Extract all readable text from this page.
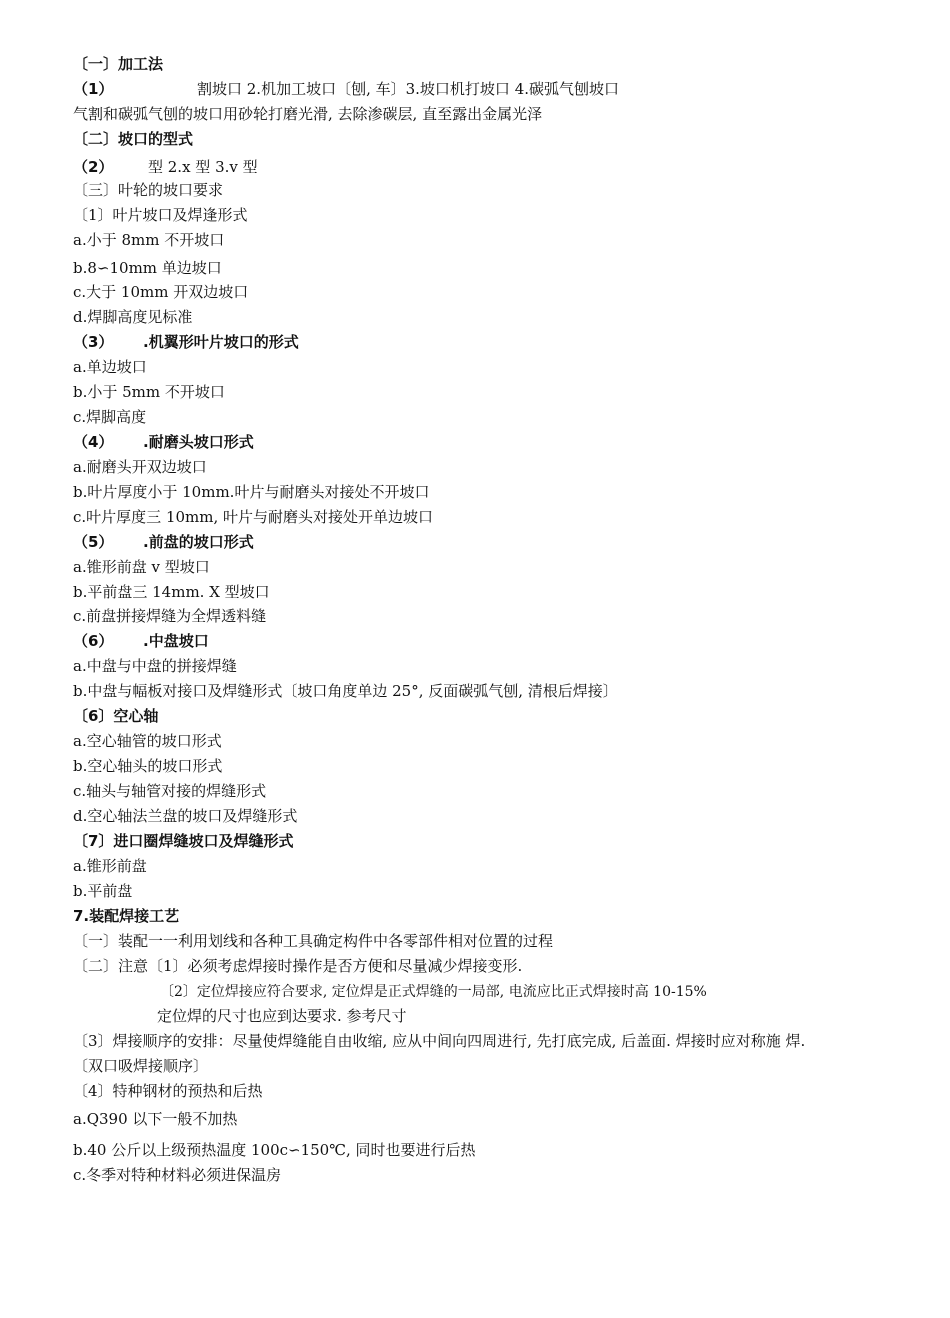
〔一〕加工法
（1）	割坡口 2.机加工坡口〔刨, 车〕3.坡口机打坡口 4.碳弧气刨坡口
气割和碳弧气刨的坡口用砂轮打磨光滑, 去除渗碳层, 直至露出金属光泽
〔二〕坡口的型式
（2） 型 2.x 型 3.v 型
〔三〕叶轮的坡口要求
〔1〕叶片坡口及焊逢形式
a.小于 8mm 不开坡口
b.8∽10mm 单边坡口
c.大于 10mm 开双边坡口
d.焊脚高度见标准
（3） .机翼形叶片坡口的形式
a.单边坡口
b.小于 5mm 不开坡口
c.焊脚高度
（4） .耐磨头坡口形式
a.耐磨头开双边坡口
b.叶片厚度小于 10mm.叶片与耐磨头对接处不开坡口
c.叶片厚度三 10mm, 叶片与耐磨头对接处开单边坡口
（5） .前盘的坡口形式
a.锥形前盘 v 型坡口
b.平前盘三 14mm. X 型坡口
c.前盘拼接焊缝为全焊透料缝
（6） .中盘坡口
a.中盘与中盘的拼接焊缝
b.中盘与幅板对接口及焊缝形式〔坡口角度单边 25°, 反面碳弧气刨, 清根后焊接〕
〔6〕空心轴
a.空心轴管的坡口形式
b.空心轴头的坡口形式
c.轴头与轴管对接的焊缝形式
d.空心轴法兰盘的坡口及焊缝形式
〔7〕进口圈焊缝坡口及焊缝形式
a.锥形前盘
b.平前盘
7.装配焊接工艺
〔一〕装配一一利用划线和各种工具确定构件中各零部件相对位置的过程
〔二〕注意〔1〕必须考虑焊接时操作是否方便和尽量减少焊接变形.
〔2〕定位焊接应符合要求, 定位焊是正式焊缝的一局部, 电流应比正式焊接时高 10-15%
定位焊的尺寸也应到达要求. 参考尺寸
〔3〕焊接顺序的安排：尽量使焊缝能自由收缩, 应从中间向四周进行, 先打底完成, 后盖面. 焊接时应对称施 焊.
〔双口吸焊接顺序〕
〔4〕特种钢材的预热和后热
a.Q390 以下一般不加热
b.40 公斤以上级预热温度 100c∽150℃, 同时也要进行后热
c.冬季对特种材料必须进保温房
